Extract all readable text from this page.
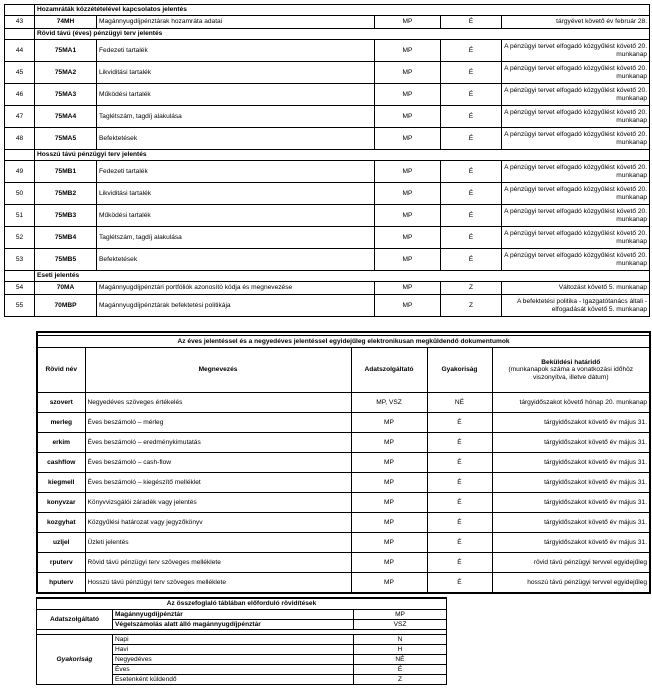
	Hozamráták közzétételével kapcsolatos jelentés				
43	74MH	Magánnyugdíjpénztárak hozamráta adatai	MP	É	tárgyévet követő év február 28.
	Rövid távú (éves) pénzügyi terv jelentés				
44	75MA1	Fedezeti tartalék	MP	É	A pénzügyi tervet elfogadó közgyűlést követő 20. munkanap
45	75MA2	Likviditási tartalék	MP	É	A pénzügyi tervet elfogadó közgyűlést követő 20. munkanap
46	75MA3	Működési tartalék	MP	É	A pénzügyi tervet elfogadó közgyűlést követő 20. munkanap
47	75MA4	Taglétszám, tagdíj alakulása	MP	É	A pénzügyi tervet elfogadó közgyűlést követő 20. munkanap
48	75MA5	Befektetések	MP	É	A pénzügyi tervet elfogadó közgyűlést követő 20. munkanap
	Hosszú távú pénzügyi terv jelentés				
49	75MB1	Fedezeti tartalék	MP	É	A pénzügyi tervet elfogadó közgyűlést követő 20. munkanap
50	75MB2	Likviditási tartalék	MP	É	A pénzügyi tervet elfogadó közgyűlést követő 20. munkanap
51	75MB3	Működési tartalék	MP	É	A pénzügyi tervet elfogadó közgyűlést követő 20. munkanap
52	75MB4	Taglétszám, tagdíj alakulása	MP	É	A pénzügyi tervet elfogadó közgyűlést követő 20. munkanap
53	75MB5	Befektetések	MP	É	A pénzügyi tervet elfogadó közgyűlést követő 20. munkanap
	Eseti jelentés				
54	70MA	Magánnyugdíjpénztári portfóliók azonosító kódja és megnevezése	MP	Z	Változást követő 5. munkanap
55	70MBP	Magánnyugdíjpénztárak befektetési politikája	MP	Z	A befektetési politika - Igazgatótanács általi - elfogadását követő 5. munkanap

Az éves jelentéssel és a negyedéves jelentéssel egyidejűleg elektronikusan megküldendő dokumentumok				
Rövid név	Megnevezés	Adatszolgáltató	Gyakoriság	Beküldési határidő
(munkanapok száma a vonatkozási időhöz viszonyítva, illetve dátum)

szovert	Negyedéves szöveges értékelés	MP, VSZ	NÉ	tárgyidőszakot követő hónap 20. munkanap
merleg	Éves beszámoló – mérleg	MP	É	tárgyidőszakot követő év május 31.
erkim	Éves beszámoló – eredménykimutatás	MP	É	tárgyidőszakot követő év május 31.
cashflow	Éves beszámoló – cash-flow	MP	É	tárgyidőszakot követő év május 31.
kiegmell	Éves beszámoló – kiegészítő melléklet	MP	É	tárgyidőszakot követő év május 31.
konyvzar	Könyvvizsgálói záradék vagy jelentés	MP	É	tárgyidőszakot követő év május 31.
kozgyhat	Közgyűlési határozat vagy jegyzőkönyv	MP	É	tárgyidőszakot követő év május 31.
uzljel	Üzleti jelentés	MP	É	tárgyidőszakot követő év május 31.
rputerv	Rövid távú pénzügyi terv szöveges melléklete	MP	É	rövid távú pénzügyi tervvel egyidejűleg
hputerv	Hosszú távú pénzügyi terv szöveges melléklete	MP	É	hosszú távú pénzügyi tervvel egyidejűleg
Az összefoglaló táblában előforduló rövidítések		
Adatszolgáltató	Magánnyugdíjpénztár	MP
	Végelszámolás alatt álló magánnyugdíjpénztár	VSZ

Gyakoriság	Napi	N
	Havi	H
	Negyedéves	NÉ
	Éves	É
	Esetenként küldendő	Z
